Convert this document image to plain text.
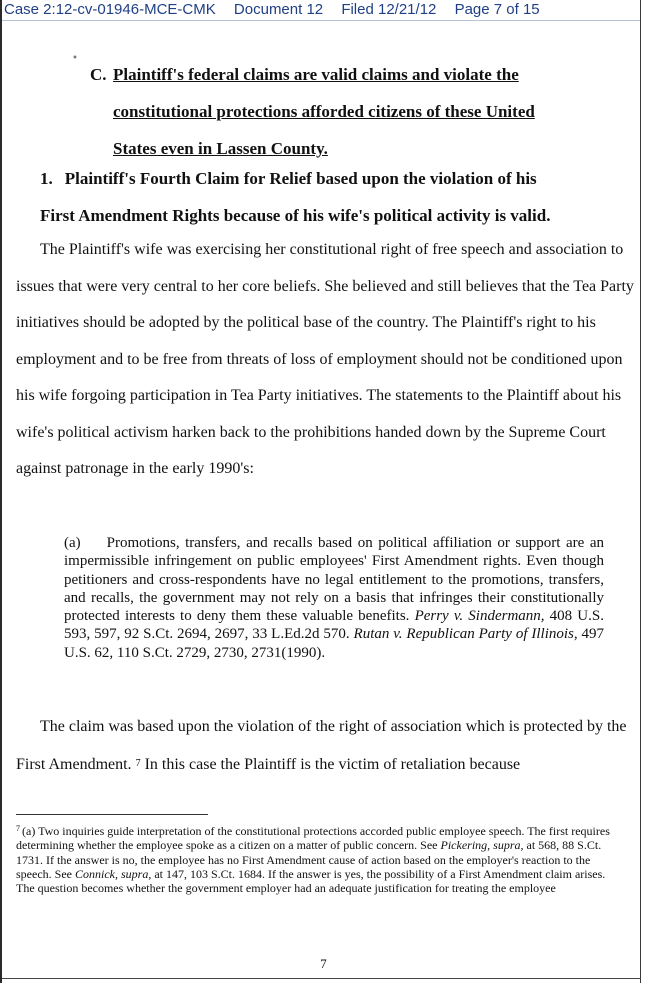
Case 2:12-cv-01946-MCE-CMK Document 12 Filed 12/21/12 Page 7 of 15
•
C. Plaintiff's federal claims are valid claims and violate the
constitutional protections afforded citizens of these United
States even in Lassen County.
1. Plaintiff's Fourth Claim for Relief based upon the violation of his
First Amendment Rights because of his wife's political activity is valid.
The Plaintiff's wife was exercising her constitutional right of free speech and association to issues that were very central to her core beliefs. She believed and still believes that the Tea Party initiatives should be adopted by the political base of the country. The Plaintiff's right to his employment and to be free from threats of loss of employment should not be conditioned upon his wife forgoing participation in Tea Party initiatives. The statements to the Plaintiff about his wife's political activism harken back to the prohibitions handed down by the Supreme Court against patronage in the early 1990's:

(a) Promotions, transfers, and recalls based on political affiliation or support are an impermissible infringement on public employees' First Amendment rights. Even though petitioners and cross-respondents have no legal entitlement to the promotions, transfers, and recalls, the government may not rely on a basis that infringes their constitutionally protected interests to deny them these valuable benefits. Perry v. Sindermann, 408 U.S. 593, 597, 92 S.Ct. 2694, 2697, 33 L.Ed.2d 570. Rutan v. Republican Party of Illinois, 497 U.S. 62, 110 S.Ct. 2729, 2730, 2731(1990).

The claim was based upon the violation of the right of association which is protected by the First Amendment. 7 In this case the Plaintiff is the victim of retaliation because
$^7$ (a) Two inquiries guide interpretation of the constitutional protections accorded public employee speech. The first requires determining whether the employee spoke as a citizen on a matter of public concern. See Pickering, supra, at 568, 88 S.Ct. 1731. If the answer is no, the employee has no First Amendment cause of action based on the employer's reaction to the speech. See Connick, supra, at 147, 103 S.Ct. 1684. If the answer is yes, the possibility of a First Amendment claim arises. The question becomes whether the government employer had an adequate justification for treating the employee
7
